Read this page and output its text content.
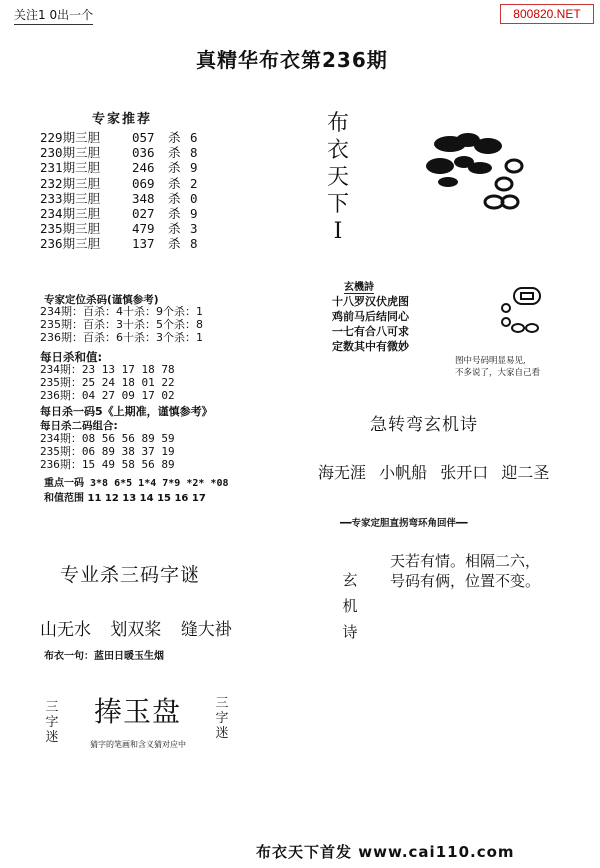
关注1 0出一个	800820.NET
真精华布衣第236期
专家推荐
229期三胆	057 杀 6
230期三胆	036 杀 8
231期三胆	246 杀 9
232期三胆	069 杀 2
233期三胆	348 杀 0
234期三胆	027 杀 9
235期三胆	479 杀 3
236期三胆	137 杀 8
专家定位杀码(谨慎参考)
234期：百杀：4十杀：9个杀：1
235期：百杀：3十杀：5个杀：8
236期：百杀：6十杀：3个杀：1
每日杀和值:
234期：23 13 17 18 78
235期：25 24 18 01 22
236期：04 27 09 17 02
每日杀一码5《上期准，谨慎参考》
每日杀二码组合:
234期：08 56 56 89 59
235期：06 89 38 37 19
236期：15 49 58 56 89
重点一码 3*8 6*5 1*4 7*9 *2* *08
和值范围 11 12 13 14 15 16 17
专业杀三码字谜
山无水 划双桨 缝大褂
布衣一句：蓝田日暖玉生烟
三
字
迷
捧玉盘	三
字
迷
猜字的笔画和含义猜对应中
布
衣
天
下
I
玄機詩
十八罗汉伏虎图
鸡前马后结同心
一七有合八可求
定数其中有微妙
图中号码明显易见,
不多说了，大家自己看
急转弯玄机诗
海无涯 小帆船 张开口 迎二圣
━━专家定胆直拐弯环角回伴━━
玄
机
诗
天若有情。相隔二六，
号码有俩，位置不变。
布衣天下首发 www.cai110.com
